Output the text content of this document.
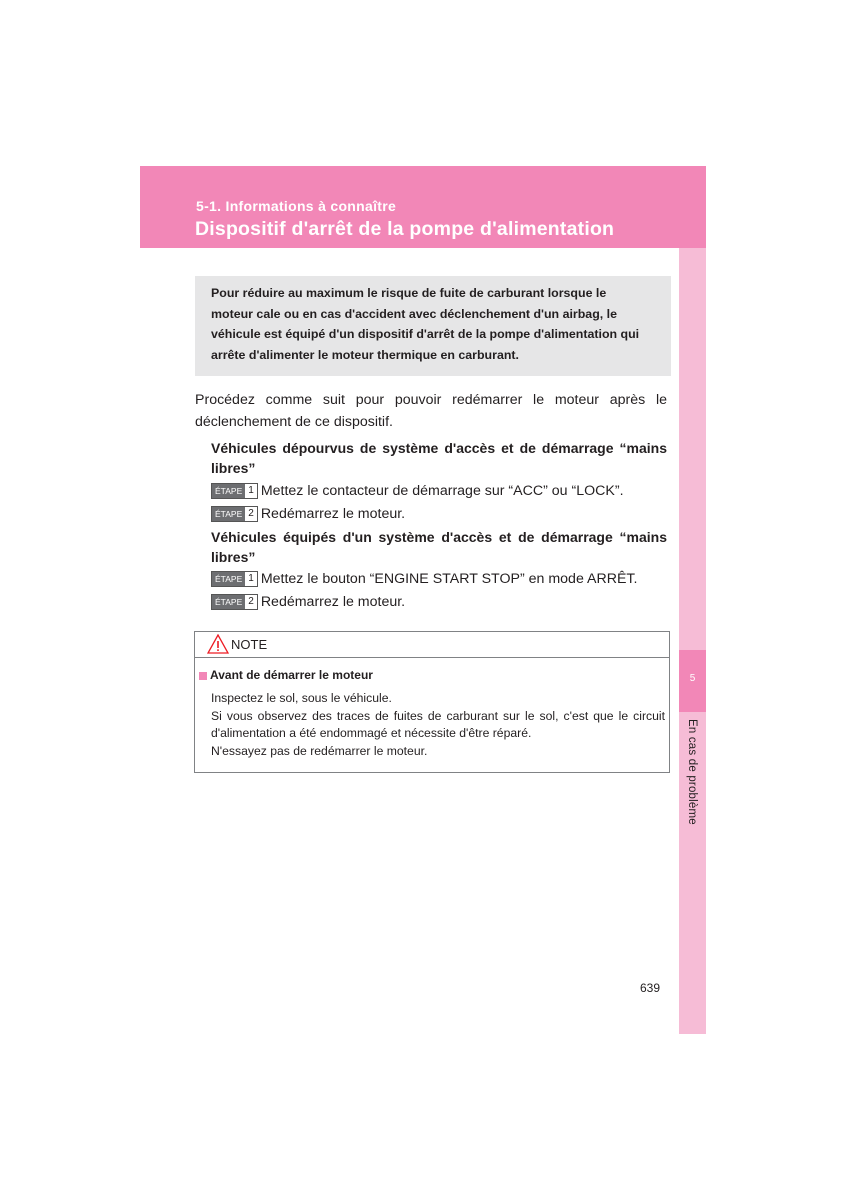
5-1. Informations à connaître
Dispositif d'arrêt de la pompe d'alimentation
5
En cas de problème
Pour réduire au maximum le risque de fuite de carburant lorsque le moteur cale ou en cas d'accident avec déclenchement d'un airbag, le véhicule est équipé d'un dispositif d'arrêt de la pompe d'alimentation qui arrête d'alimenter le moteur thermique en carburant.
Procédez comme suit pour pouvoir redémarrer le moteur après le déclenchement de ce dispositif.
Véhicules dépourvus de système d'accès et de démarrage “mains libres”
ÉTAPE 1 Mettez le contacteur de démarrage sur “ACC” ou “LOCK”.
ÉTAPE 2 Redémarrez le moteur.
Véhicules équipés d'un système d'accès et de démarrage “mains libres”
ÉTAPE 1 Mettez le bouton “ENGINE START STOP” en mode ARRÊT.
ÉTAPE 2 Redémarrez le moteur.
NOTE
Avant de démarrer le moteur
Inspectez le sol, sous le véhicule.
Si vous observez des traces de fuites de carburant sur le sol, c'est que le circuit d'alimentation a été endommagé et nécessite d'être réparé.
N'essayez pas de redémarrer le moteur.
639
